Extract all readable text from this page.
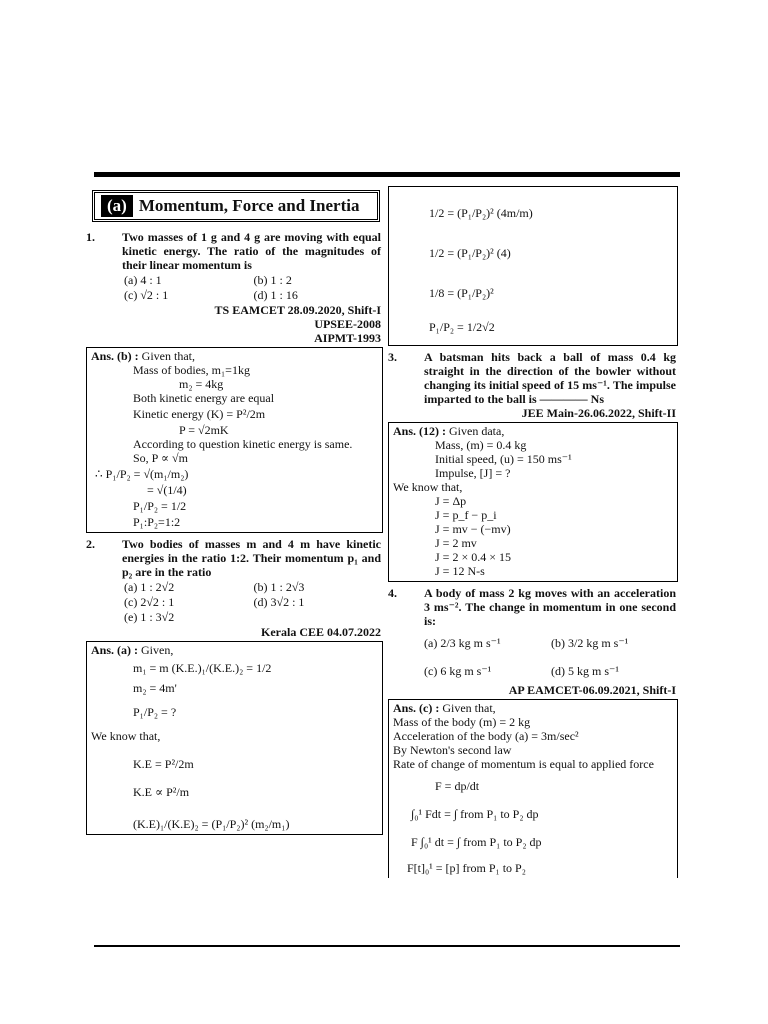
(a) Momentum, Force and Inertia
1.	Two masses of 1 g and 4 g are moving with equal kinetic energy. The ratio of the magnitudes of their linear momentum is
(a) 4 : 1	(b) 1 : 2
(c) √2 : 1	(d) 1 : 16
TS EAMCET 28.09.2020, Shift-I
UPSEE-2008
AIPMT-1993
Ans. (b) : Given that,
Mass of bodies, m₁=1kg
m₂ = 4kg
Both kinetic energy are equal
Kinetic energy (K) = P²/2m
P = √2mK
According to question kinetic energy is same.
So, P ∝ √m
∴ P₁/P₂ = √(m₁/m₂)
= √(1/4)
P₁/P₂ = 1/2
P₁:P₂=1:2
2.	Two bodies of masses m and 4 m have kinetic energies in the ratio 1:2. Their momentum p₁ and p₂ are in the ratio
(a) 1 : 2√2	(b) 1 : 2√3
(c) 2√2 : 1	(d) 3√2 : 1
(e) 1 : 3√2
Kerala CEE 04.07.2022
Ans. (a) : Given,
m₁ = m (K.E.)₁/(K.E.)₂ = 1/2
m₂ = 4m'
P₁/P₂ = ?
We know that,
K.E = P²/2m
K.E ∝ P²/m
(K.E)₁/(K.E)₂ = (P₁/P₂)² (m₂/m₁)
1/2 = (P₁/P₂)² (4m/m)
1/2 = (P₁/P₂)² (4)
1/8 = (P₁/P₂)²
P₁/P₂ = 1/2√2
3.	A batsman hits back a ball of mass 0.4 kg straight in the direction of the bowler without changing its initial speed of 15 ms⁻¹. The impulse imparted to the ball is ———— Ns
JEE Main-26.06.2022, Shift-II
Ans. (12) : Given data,
Mass, (m) = 0.4 kg
Initial speed, (u) = 150 ms⁻¹
Impulse, [J] = ?
We know that,
J = Δp
J = p_f − p_i
J = mv − (−mv)
J = 2 mv
J = 2 × 0.4 × 15
J = 12 N-s
4.	A body of mass 2 kg moves with an acceleration 3 ms⁻². The change in momentum in one second is:
(a) 2/3 kg m s⁻¹	(b) 3/2 kg m s⁻¹
(c) 6 kg m s⁻¹	(d) 5 kg m s⁻¹
AP EAMCET-06.09.2021, Shift-I
Ans. (c) : Given that,
Mass of the body (m) = 2 kg
Acceleration of the body (a) = 3m/sec²
By Newton's second law
Rate of change of momentum is equal to applied force
F = dp/dt
∫₀¹ Fdt = ∫ from P₁ to P₂ dp
F ∫₀¹ dt = ∫ from P₁ to P₂ dp
F[t]₀¹ = [p] from P₁ to P₂
